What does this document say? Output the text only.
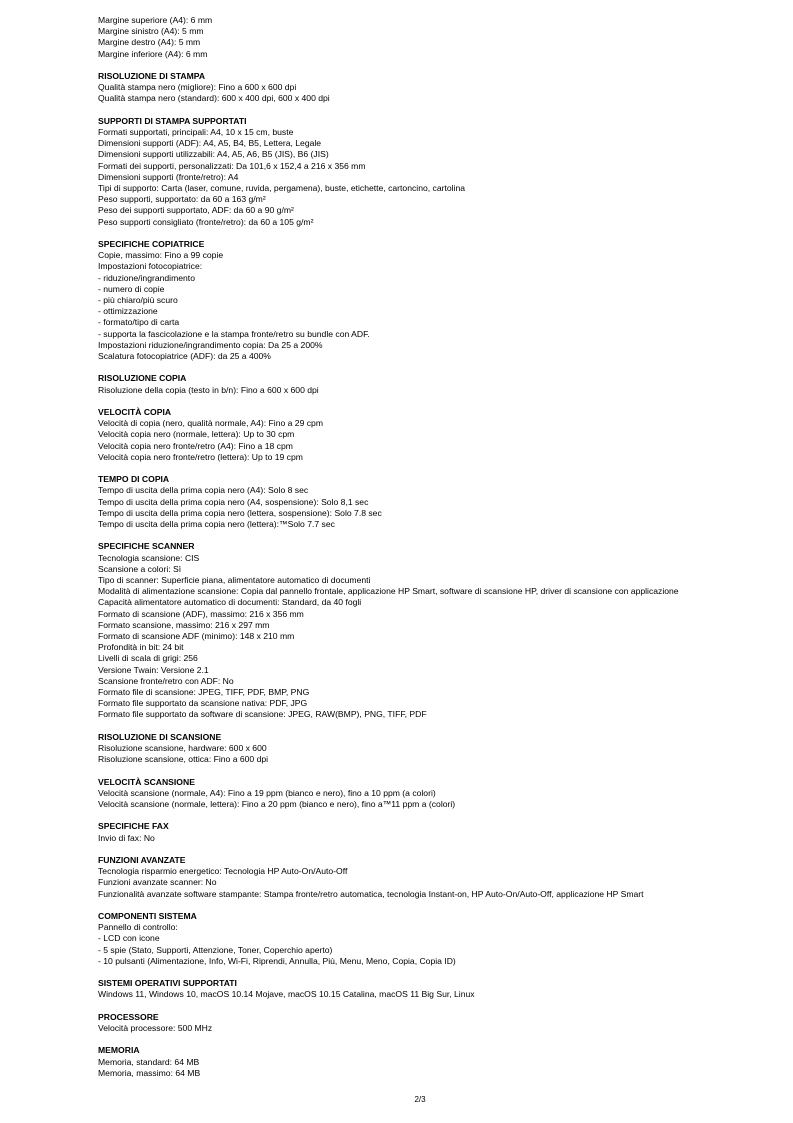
Margine superiore (A4): 6 mm
Margine sinistro (A4): 5 mm
Margine destro (A4): 5 mm
Margine inferiore (A4): 6 mm
RISOLUZIONE DI STAMPA
Qualità stampa nero (migliore): Fino a 600 x 600 dpi
Qualità stampa nero (standard): 600 x 400 dpi, 600 x 400 dpi
SUPPORTI DI STAMPA SUPPORTATI
Formati supportati, principali: A4, 10 x 15 cm, buste
Dimensioni supporti (ADF): A4, A5, B4, B5, Lettera, Legale
Dimensioni supporti utilizzabili: A4, A5, A6, B5 (JIS), B6 (JIS)
Formati dei supporti, personalizzati: Da 101,6 x 152,4 a 216 x 356 mm
Dimensioni supporti (fronte/retro): A4
Tipi di supporto: Carta (laser, comune, ruvida, pergamena), buste, etichette, cartoncino, cartolina
Peso supporti, supportato: da 60 a 163 g/m²
Peso dei supporti supportato, ADF: da 60 a 90 g/m²
Peso supporti consigliato (fronte/retro): da 60 a 105 g/m²
SPECIFICHE COPIATRICE
Copie, massimo: Fino a 99 copie
Impostazioni fotocopiatrice:
- riduzione/ingrandimento
- numero di copie
- più chiaro/più scuro
- ottimizzazione
- formato/tipo di carta
- supporta la fascicolazione e la stampa fronte/retro su bundle con ADF.
Impostazioni riduzione/ingrandimento copia: Da 25 a 200%
Scalatura fotocopiatrice (ADF): da 25 a 400%
RISOLUZIONE COPIA
Risoluzione della copia (testo in b/n): Fino a 600 x 600 dpi
VELOCITÀ COPIA
Velocità di copia (nero, qualità normale, A4): Fino a 29 cpm
Velocità copia nero (normale, lettera): Up to 30 cpm
Velocità copia nero fronte/retro (A4): Fino a 18 cpm
Velocità copia nero fronte/retro (lettera): Up to 19 cpm
TEMPO DI COPIA
Tempo di uscita della prima copia nero (A4): Solo 8 sec
Tempo di uscita della prima copia nero (A4, sospensione): Solo 8,1 sec
Tempo di uscita della prima copia nero (lettera, sospensione): Solo 7.8 sec
Tempo di uscita della prima copia nero (lettera):™Solo 7.7 sec
SPECIFICHE SCANNER
Tecnologia scansione: CIS
Scansione a colori: Sì
Tipo di scanner: Superficie piana, alimentatore automatico di documenti
Modalità di alimentazione scansione: Copia dal pannello frontale, applicazione HP Smart, software di scansione HP, driver di scansione con applicazione
Capacità alimentatore automatico di documenti: Standard, da 40 fogli
Formato di scansione (ADF), massimo: 216 x 356 mm
Formato scansione, massimo: 216 x 297 mm
Formato di scansione ADF (minimo): 148 x 210 mm
Profondità in bit: 24 bit
Livelli di scala di grigi: 256
Versione Twain: Versione 2.1
Scansione fronte/retro con ADF: No
Formato file di scansione: JPEG, TIFF, PDF, BMP, PNG
Formato file supportato da scansione nativa: PDF, JPG
Formato file supportato da software di scansione: JPEG, RAW(BMP), PNG, TIFF, PDF
RISOLUZIONE DI SCANSIONE
Risoluzione scansione, hardware: 600 x 600
Risoluzione scansione, ottica: Fino a 600 dpi
VELOCITÀ SCANSIONE
Velocità scansione (normale, A4): Fino a 19 ppm (bianco e nero), fino a 10 ppm (a colori)
Velocità scansione (normale, lettera): Fino a 20 ppm (bianco e nero), fino a™11 ppm a (colori)
SPECIFICHE FAX
Invio di fax: No
FUNZIONI AVANZATE
Tecnologia risparmio energetico: Tecnologia HP Auto-On/Auto-Off
Funzioni avanzate scanner: No
Funzionalità avanzate software stampante: Stampa fronte/retro automatica, tecnologia Instant-on, HP Auto-On/Auto-Off, applicazione HP Smart
COMPONENTI SISTEMA
Pannello di controllo:
- LCD con icone
- 5 spie (Stato, Supporti, Attenzione, Toner, Coperchio aperto)
- 10 pulsanti (Alimentazione, Info, Wi-Fi, Riprendi, Annulla, Più, Menu, Meno, Copia, Copia ID)
SISTEMI OPERATIVI SUPPORTATI
Windows 11, Windows 10, macOS 10.14 Mojave, macOS 10.15 Catalina, macOS 11 Big Sur, Linux
PROCESSORE
Velocità processore: 500 MHz
MEMORIA
Memoria, standard: 64 MB
Memoria, massimo: 64 MB
2/3
